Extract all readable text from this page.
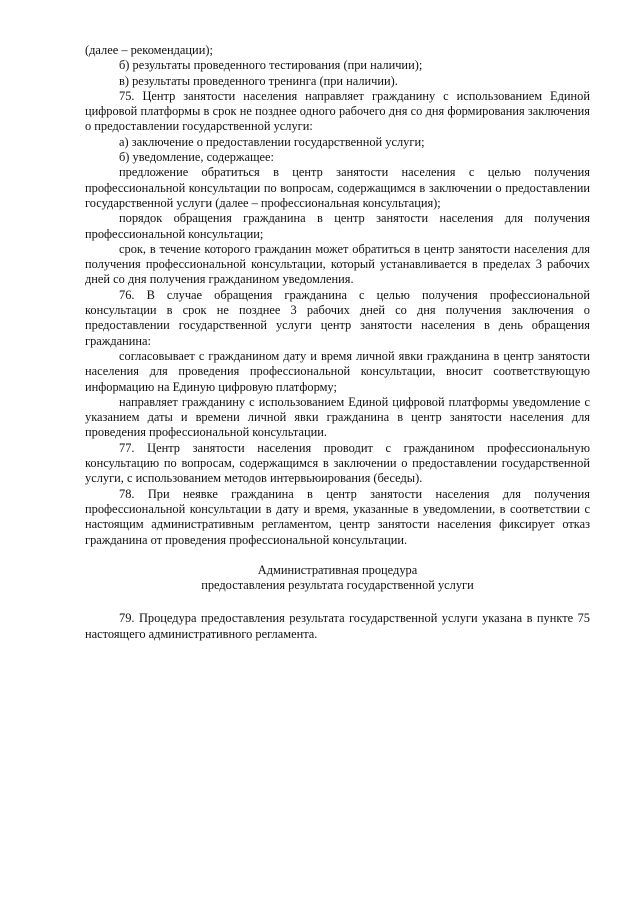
(далее – рекомендации);

б) результаты проведенного тестирования (при наличии);

в) результаты проведенного тренинга (при наличии).

75. Центр занятости населения направляет гражданину с использованием Единой цифровой платформы в срок не позднее одного рабочего дня со дня формирования заключения о предоставлении государственной услуги:

а) заключение о предоставлении государственной услуги;

б) уведомление, содержащее:

предложение обратиться в центр занятости населения с целью получения профессиональной консультации по вопросам, содержащимся в заключении о предоставлении государственной услуги (далее – профессиональная консультация);

порядок обращения гражданина в центр занятости населения для получения профессиональной консультации;

срок, в течение которого гражданин может обратиться в центр занятости населения для получения профессиональной консультации, который устанавливается в пределах 3 рабочих дней со дня получения гражданином уведомления.

76. В случае обращения гражданина с целью получения профессиональной консультации в срок не позднее 3 рабочих дней со дня получения заключения о предоставлении государственной услуги центр занятости населения в день обращения гражданина:

согласовывает с гражданином дату и время личной явки гражданина в центр занятости населения для проведения профессиональной консультации, вносит соответствующую информацию на Единую цифровую платформу;

направляет гражданину с использованием Единой цифровой платформы уведомление с указанием даты и времени личной явки гражданина в центр занятости населения для проведения профессиональной консультации.

77. Центр занятости населения проводит с гражданином профессиональную консультацию по вопросам, содержащимся в заключении о предоставлении государственной услуги, с использованием методов интервьюирования (беседы).

78. При неявке гражданина в центр занятости населения для получения профессиональной консультации в дату и время, указанные в уведомлении, в соответствии с настоящим административным регламентом, центр занятости населения фиксирует отказ гражданина от проведения профессиональной консультации.

Административная процедура

предоставления результата государственной услуги

79. Процедура предоставления результата государственной услуги указана в пункте 75 настоящего административного регламента.
